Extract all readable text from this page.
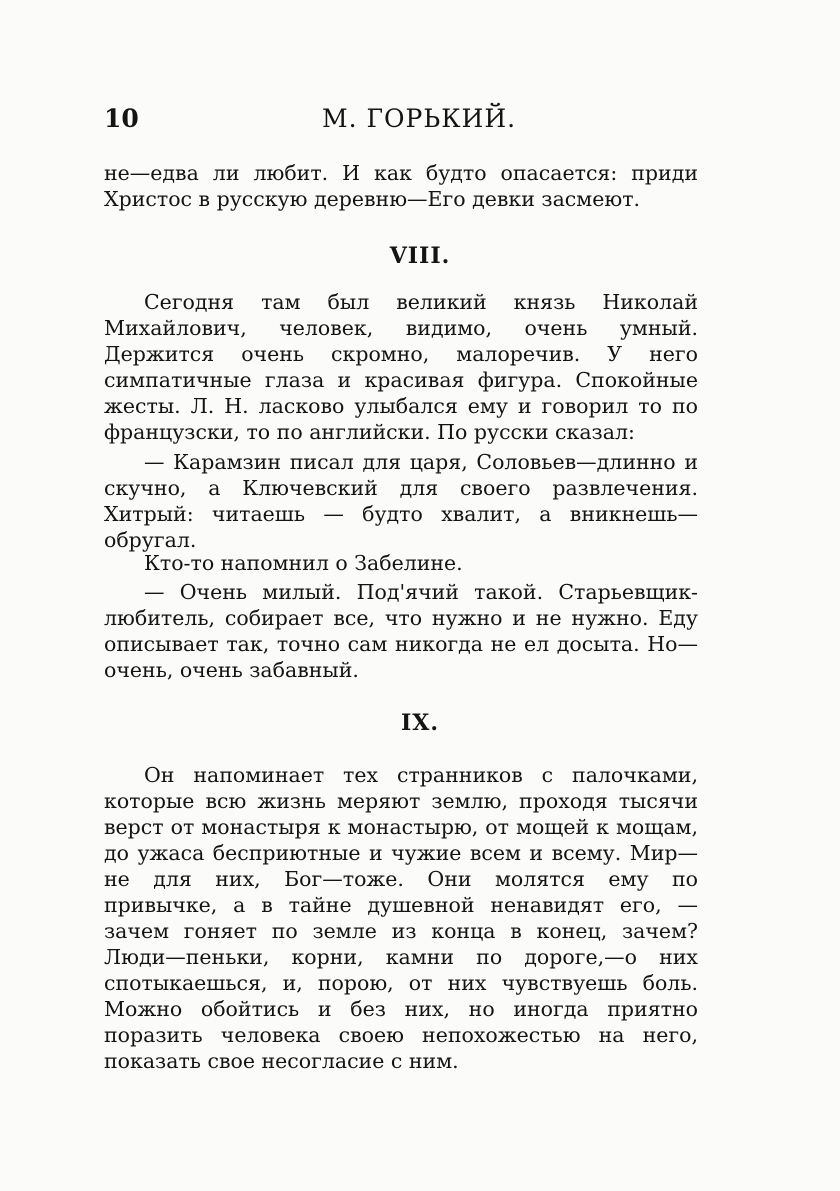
10	М. ГОРЬКИЙ.

не—едва ли любит. И как будто опасается: приди Христос в русскую деревню—Его девки засмеют.

VIII.

Сегодня там был великий князь Николай Михайлович, человек, видимо, очень умный. Держится очень скромно, малоречив. У него симпатичные глаза и красивая фигура. Спокойные жесты. Л. Н. ласково улыбался ему и говорил то по французски, то по английски. По русски сказал:

— Карамзин писал для царя, Соловьев—длинно и скучно, а Ключевский для своего развлечения. Хитрый: читаешь — будто хвалит, а вникнешь—обругал.

Кто-то напомнил о Забелине.

— Очень милый. Под'ячий такой. Старьевщик-любитель, собирает все, что нужно и не нужно. Еду описывает так, точно сам никогда не ел досыта. Но—очень, очень забавный.

IX.

Он напоминает тех странников с палочками, которые всю жизнь меряют землю, проходя тысячи верст от монастыря к монастырю, от мощей к мощам, до ужаса бесприютные и чужие всем и всему. Мир—не для них, Бог—тоже. Они молятся ему по привычке, а в тайне душевной ненавидят его, — зачем гоняет по земле из конца в конец, зачем? Люди—пеньки, корни, камни по дороге,—о них спотыкаешься, и, порою, от них чувствуешь боль. Можно обойтись и без них, но иногда приятно поразить человека своею непохожестью на него, показать свое несогласие с ним.
